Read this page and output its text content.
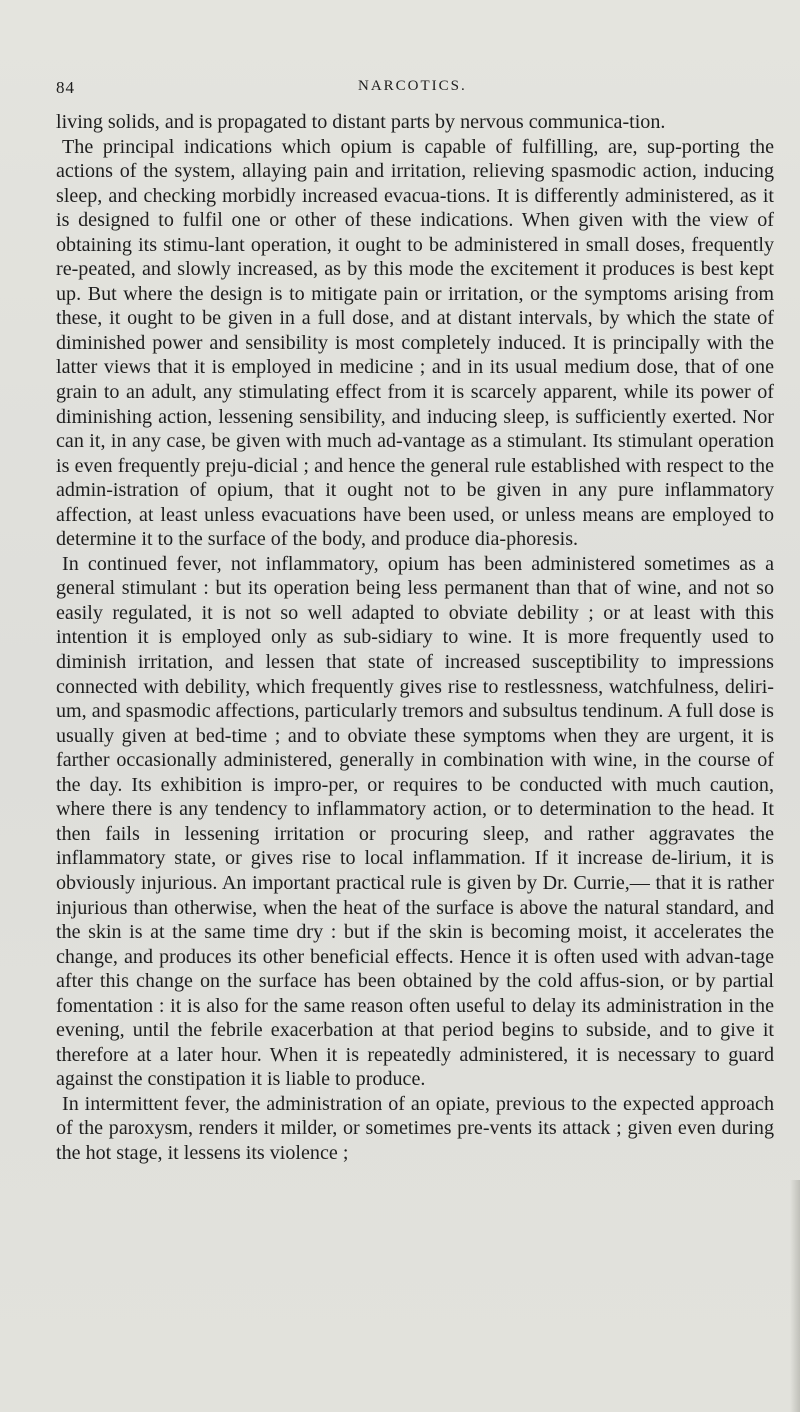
84	NARCOTICS.

living solids, and is propagated to distant parts by nervous communica-tion.

The principal indications which opium is capable of fulfilling, are, sup-porting the actions of the system, allaying pain and irritation, relieving spasmodic action, inducing sleep, and checking morbidly increased evacua-tions. It is differently administered, as it is designed to fulfil one or other of these indications. When given with the view of obtaining its stimu-lant operation, it ought to be administered in small doses, frequently re-peated, and slowly increased, as by this mode the excitement it produces is best kept up. But where the design is to mitigate pain or irritation, or the symptoms arising from these, it ought to be given in a full dose, and at distant intervals, by which the state of diminished power and sensibility is most completely induced. It is principally with the latter views that it is employed in medicine ; and in its usual medium dose, that of one grain to an adult, any stimulating effect from it is scarcely apparent, while its power of diminishing action, lessening sensibility, and inducing sleep, is sufficiently exerted. Nor can it, in any case, be given with much ad-vantage as a stimulant. Its stimulant operation is even frequently preju-dicial ; and hence the general rule established with respect to the admin-istration of opium, that it ought not to be given in any pure inflammatory affection, at least unless evacuations have been used, or unless means are employed to determine it to the surface of the body, and produce dia-phoresis.

In continued fever, not inflammatory, opium has been administered sometimes as a general stimulant : but its operation being less permanent than that of wine, and not so easily regulated, it is not so well adapted to obviate debility ; or at least with this intention it is employed only as sub-sidiary to wine. It is more frequently used to diminish irritation, and lessen that state of increased susceptibility to impressions connected with debility, which frequently gives rise to restlessness, watchfulness, deliri-um, and spasmodic affections, particularly tremors and subsultus tendinum. A full dose is usually given at bed-time ; and to obviate these symptoms when they are urgent, it is farther occasionally administered, generally in combination with wine, in the course of the day. Its exhibition is impro-per, or requires to be conducted with much caution, where there is any tendency to inflammatory action, or to determination to the head. It then fails in lessening irritation or procuring sleep, and rather aggravates the inflammatory state, or gives rise to local inflammation. If it increase de-lirium, it is obviously injurious. An important practical rule is given by Dr. Currie,— that it is rather injurious than otherwise, when the heat of the surface is above the natural standard, and the skin is at the same time dry : but if the skin is becoming moist, it accelerates the change, and produces its other beneficial effects. Hence it is often used with advan-tage after this change on the surface has been obtained by the cold affus-sion, or by partial fomentation : it is also for the same reason often useful to delay its administration in the evening, until the febrile exacerbation at that period begins to subside, and to give it therefore at a later hour. When it is repeatedly administered, it is necessary to guard against the constipation it is liable to produce.

In intermittent fever, the administration of an opiate, previous to the expected approach of the paroxysm, renders it milder, or sometimes pre-vents its attack ; given even during the hot stage, it lessens its violence ;
